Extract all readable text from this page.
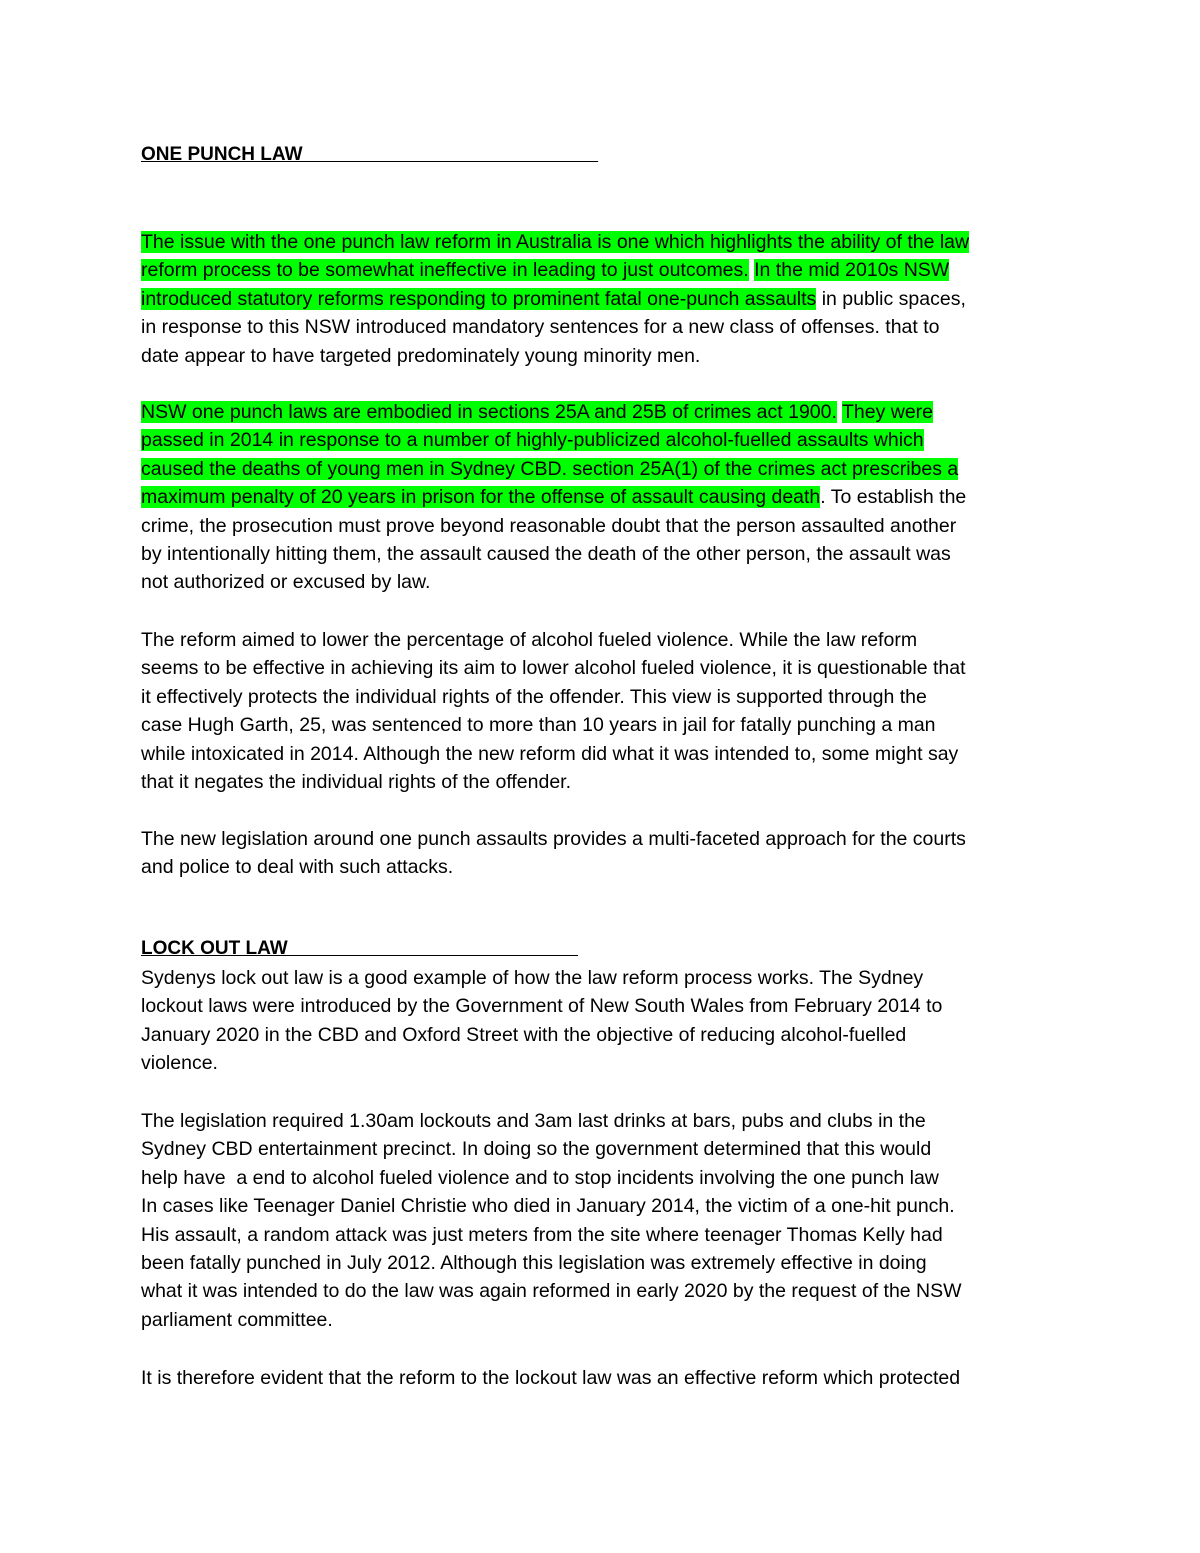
ONE PUNCH LAW
The issue with the one punch law reform in Australia is one which highlights the ability of the law
reform process to be somewhat ineffective in leading to just outcomes. In the mid 2010s NSW
introduced statutory reforms responding to prominent fatal one-punch assaults in public spaces,
in response to this NSW introduced mandatory sentences for a new class of offenses. that to
date appear to have targeted predominately young minority men.
NSW one punch laws are embodied in sections 25A and 25B of crimes act 1900. They were
passed in 2014 in response to a number of highly-publicized alcohol-fuelled assaults which
caused the deaths of young men in Sydney CBD. section 25A(1) of the crimes act prescribes a
maximum penalty of 20 years in prison for the offense of assault causing death. To establish the
crime, the prosecution must prove beyond reasonable doubt that the person assaulted another
by intentionally hitting them, the assault caused the death of the other person, the assault was
not authorized or excused by law.
The reform aimed to lower the percentage of alcohol fueled violence. While the law reform
seems to be effective in achieving its aim to lower alcohol fueled violence, it is questionable that
it effectively protects the individual rights of the offender. This view is supported through the
case Hugh Garth, 25, was sentenced to more than 10 years in jail for fatally punching a man
while intoxicated in 2014. Although the new reform did what it was intended to, some might say
that it negates the individual rights of the offender.
The new legislation around one punch assaults provides a multi-faceted approach for the courts
and police to deal with such attacks.
LOCK OUT LAW
Sydenys lock out law is a good example of how the law reform process works. The Sydney
lockout laws were introduced by the Government of New South Wales from February 2014 to
January 2020 in the CBD and Oxford Street with the objective of reducing alcohol-fuelled
violence.
The legislation required 1.30am lockouts and 3am last drinks at bars, pubs and clubs in the
Sydney CBD entertainment precinct. In doing so the government determined that this would
help have  a end to alcohol fueled violence and to stop incidents involving the one punch law
In cases like Teenager Daniel Christie who died in January 2014, the victim of a one-hit punch.
His assault, a random attack was just meters from the site where teenager Thomas Kelly had
been fatally punched in July 2012. Although this legislation was extremely effective in doing
what it was intended to do the law was again reformed in early 2020 by the request of the NSW
parliament committee.
It is therefore evident that the reform to the lockout law was an effective reform which protected
